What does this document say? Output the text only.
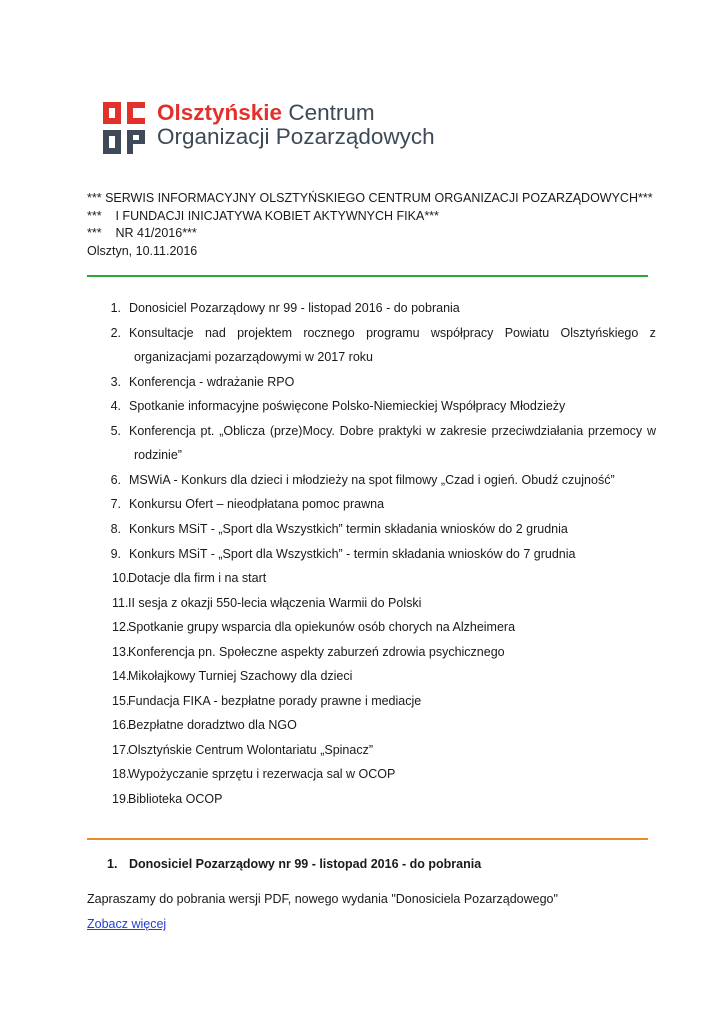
Olsztyńskie Centrum
Organizacji Pozarządowych
*** SERWIS INFORMACYJNY OLSZTYŃSKIEGO CENTRUM ORGANIZACJI POZARZĄDOWYCH***
***    I FUNDACJI INICJATYWA KOBIET AKTYWNYCH FIKA***
***    NR 41/2016***
Olsztyn, 10.11.2016
1. Donosiciel Pozarządowy nr 99 - listopad 2016 - do pobrania
2. Konsultacje nad projektem rocznego programu współpracy Powiatu Olsztyńskiego z
organizacjami pozarządowymi w 2017 roku
3. Konferencja - wdrażanie RPO
4. Spotkanie informacyjne poświęcone Polsko-Niemieckiej Współpracy Młodzieży
5. Konferencja pt. „Oblicza (prze)Mocy. Dobre praktyki w zakresie przeciwdziałania przemocy w
rodzinie”
6. MSWiA - Konkurs dla dzieci i młodzieży na spot filmowy „Czad i ogień. Obudź czujność”
7. Konkursu Ofert – nieodpłatana pomoc prawna
8. Konkurs MSiT - „Sport dla Wszystkich” termin składania wniosków do 2 grudnia
9. Konkurs MSiT - „Sport dla Wszystkich” - termin składania wniosków do 7 grudnia
10.
Dotacje dla firm i na start
11. II sesja z okazji 550-lecia włączenia Warmii do Polski
12.
Spotkanie grupy wsparcia dla opiekunów osób chorych na Alzheimera
13.
Konferencja pn. Społeczne aspekty zaburzeń zdrowia psychicznego
14.
Mikołajkowy Turniej Szachowy dla dzieci
15.
Fundacja FIKA - bezpłatne porady prawne i mediacje
16.
Bezpłatne doradztwo dla NGO
17.
Olsztyńskie Centrum Wolontariatu „Spinacz”
18.
Wypożyczanie sprzętu i rezerwacja sal w OCOP
19.
Biblioteka OCOP
1. Donosiciel Pozarządowy nr 99 - listopad 2016 - do pobrania
Zapraszamy do pobrania wersji PDF, nowego wydania "Donosiciela Pozarządowego"
Zobacz więcej
